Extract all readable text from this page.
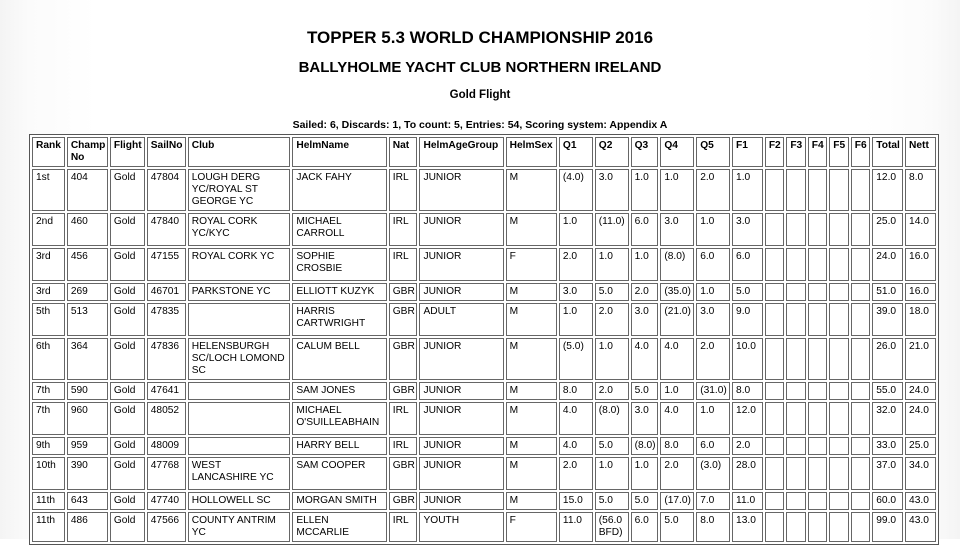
TOPPER 5.3 WORLD CHAMPIONSHIP 2016
BALLYHOLME YACHT CLUB NORTHERN IRELAND
Gold Flight
Sailed: 6, Discards: 1, To count: 5, Entries: 54, Scoring system: Appendix A
Rank	Champ No	Flight	SailNo	Club	HelmName	Nat	HelmAgeGroup	HelmSex	Q1	Q2	Q3	Q4	Q5	F1	F2	F3	F4	F5	F6	Total	Nett
1st	404	Gold	47804	LOUGH DERG YC/ROYAL ST GEORGE YC	JACK FAHY	IRL	JUNIOR	M	(4.0)	3.0	1.0	1.0	2.0	1.0						12.0	8.0
2nd	460	Gold	47840	ROYAL CORK YC/KYC	MICHAEL CARROLL	IRL	JUNIOR	M	1.0	(11.0)	6.0	3.0	1.0	3.0						25.0	14.0
3rd	456	Gold	47155	ROYAL CORK YC	SOPHIE CROSBIE	IRL	JUNIOR	F	2.0	1.0	1.0	(8.0)	6.0	6.0						24.0	16.0
3rd	269	Gold	46701	PARKSTONE YC	ELLIOTT KUZYK	GBR	JUNIOR	M	3.0	5.0	2.0	(35.0)	1.0	5.0						51.0	16.0
5th	513	Gold	47835		HARRIS CARTWRIGHT	GBR	ADULT	M	1.0	2.0	3.0	(21.0)	3.0	9.0						39.0	18.0
6th	364	Gold	47836	HELENSBURGH SC/LOCH LOMOND SC	CALUM BELL	GBR	JUNIOR	M	(5.0)	1.0	4.0	4.0	2.0	10.0						26.0	21.0
7th	590	Gold	47641		SAM JONES	GBR	JUNIOR	M	8.0	2.0	5.0	1.0	(31.0)	8.0						55.0	24.0
7th	960	Gold	48052		MICHAEL O'SUILLEABHAIN	IRL	JUNIOR	M	4.0	(8.0)	3.0	4.0	1.0	12.0						32.0	24.0
9th	959	Gold	48009		HARRY BELL	IRL	JUNIOR	M	4.0	5.0	(8.0)	8.0	6.0	2.0						33.0	25.0
10th	390	Gold	47768	WEST LANCASHIRE YC	SAM COOPER	GBR	JUNIOR	M	2.0	1.0	1.0	2.0	(3.0)	28.0						37.0	34.0
11th	643	Gold	47740	HOLLOWELL SC	MORGAN SMITH	GBR	JUNIOR	M	15.0	5.0	5.0	(17.0)	7.0	11.0						60.0	43.0
11th	486	Gold	47566	COUNTY ANTRIM YC	ELLEN MCCARLIE	IRL	YOUTH	F	11.0	(56.0 BFD)	6.0	5.0	8.0	13.0						99.0	43.0
